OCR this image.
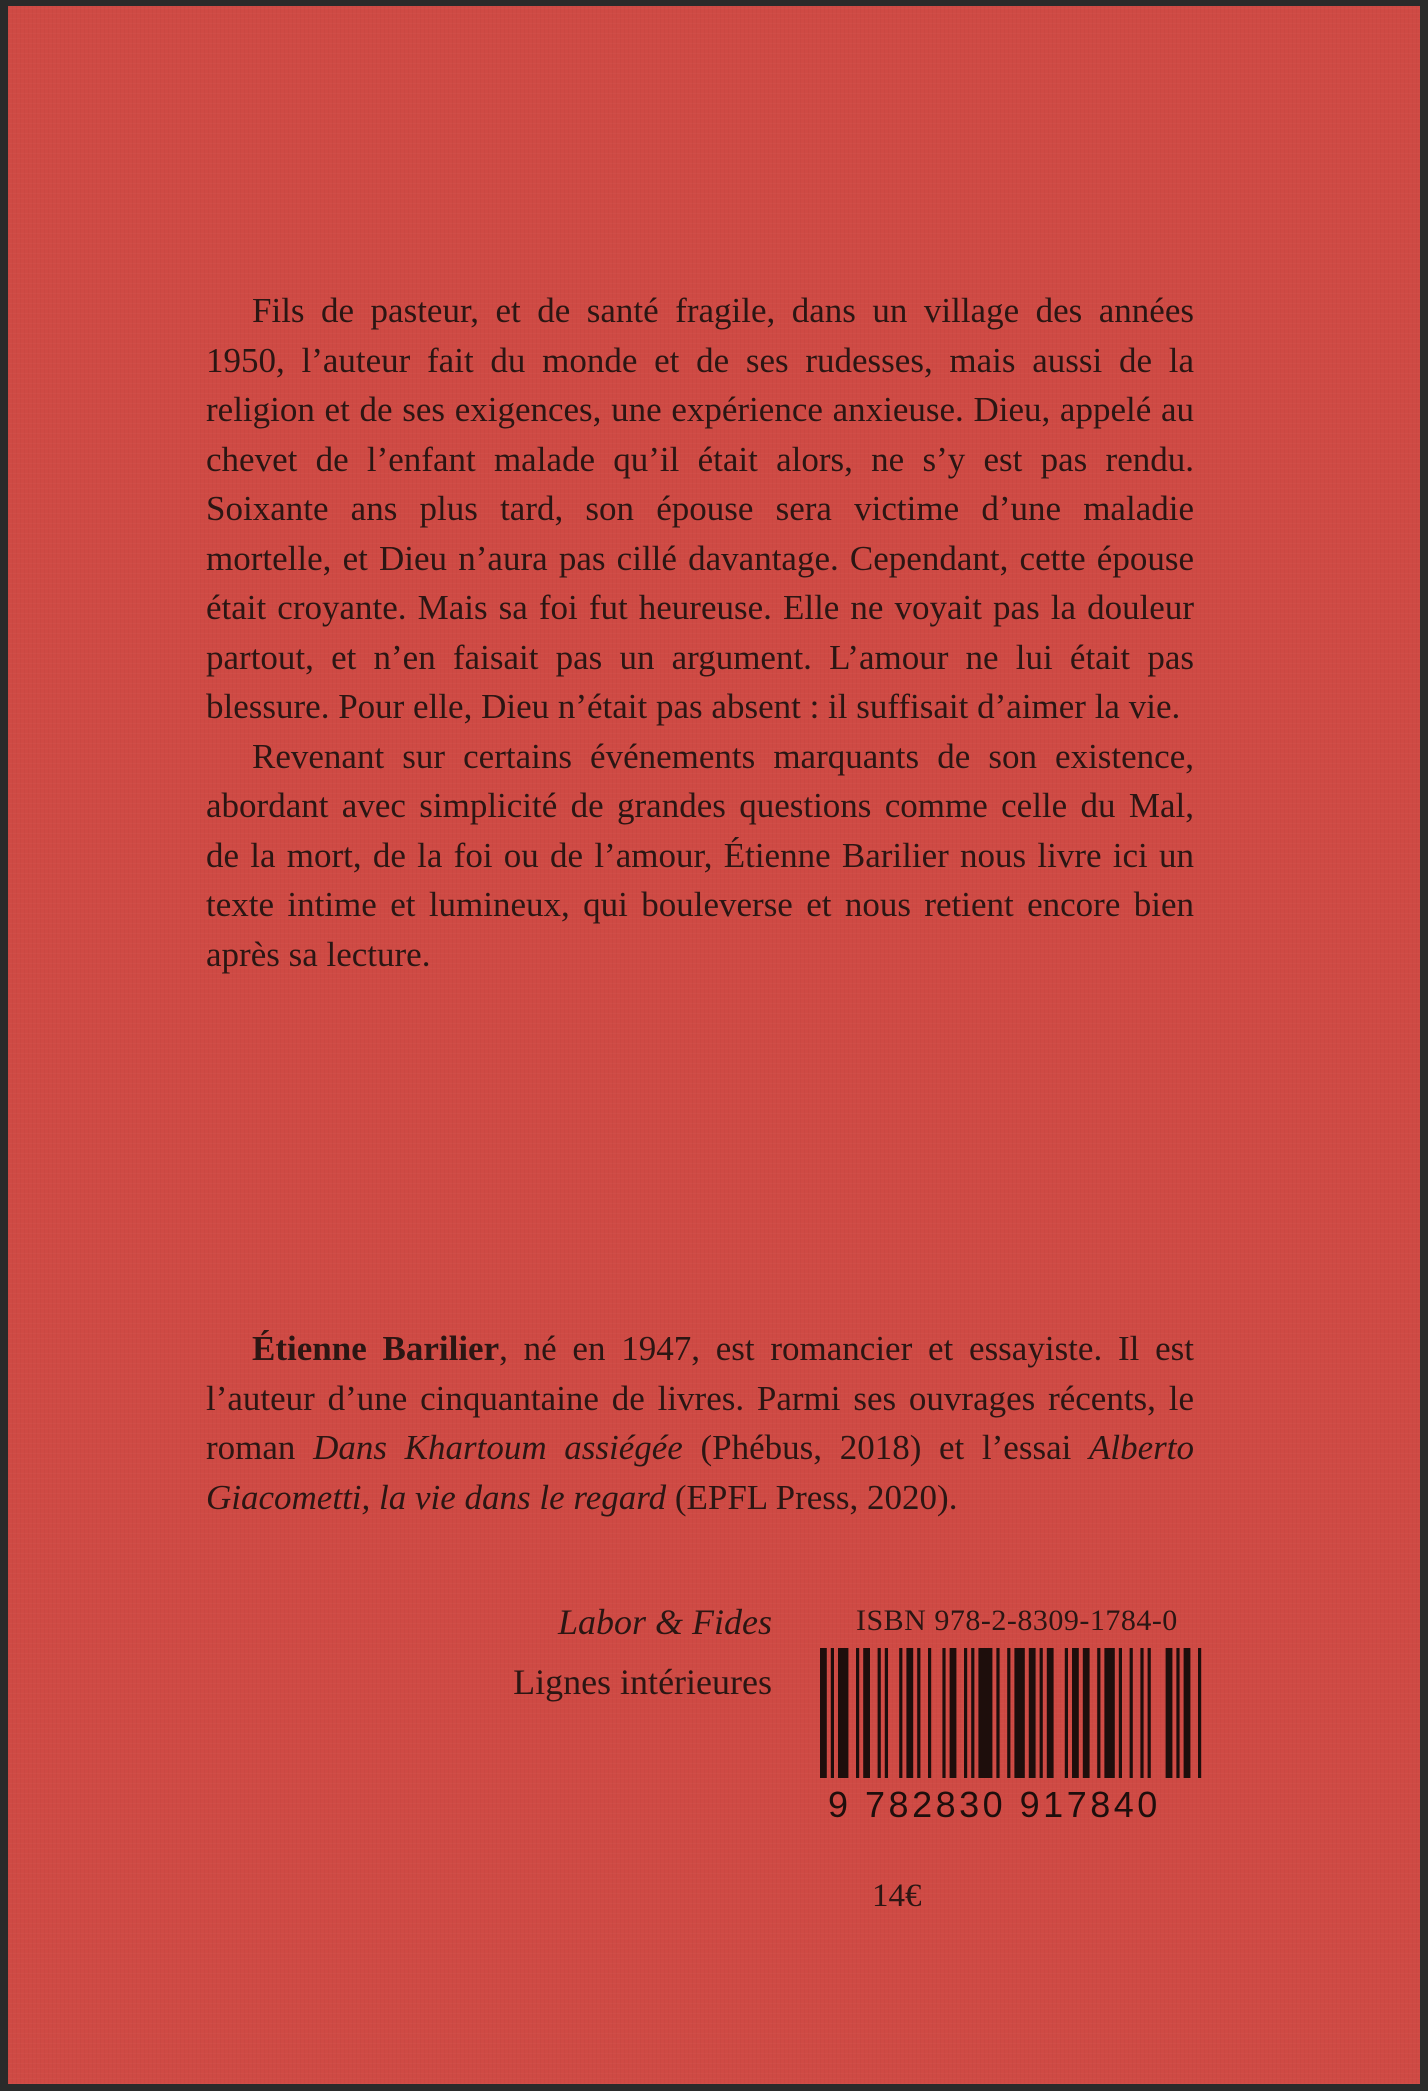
Fils de pasteur, et de santé fragile, dans un village des années 1950, l’auteur fait du monde et de ses rudesses, mais aussi de la religion et de ses exigences, une expérience anxieuse. Dieu, appelé au chevet de l’enfant malade qu’il était alors, ne s’y est pas rendu. Soixante ans plus tard, son épouse sera victime d’une maladie mortelle, et Dieu n’aura pas cillé davantage. Cependant, cette épouse était croyante. Mais sa foi fut heureuse. Elle ne voyait pas la douleur partout, et n’en faisait pas un argument. L’amour ne lui était pas blessure. Pour elle, Dieu n’était pas absent : il suffisait d’aimer la vie.

Revenant sur certains événements marquants de son existence, abordant avec simplicité de grandes questions comme celle du Mal, de la mort, de la foi ou de l’amour, Étienne Barilier nous livre ici un texte intime et lumineux, qui bouleverse et nous retient encore bien après sa lecture.

Étienne Barilier, né en 1947, est romancier et essayiste. Il est l’auteur d’une cinquantaine de livres. Parmi ses ouvrages récents, le roman Dans Khartoum assiégée (Phébus, 2018) et l’essai Alberto Giacometti, la vie dans le regard (EPFL Press, 2020).

Labor & Fides
Lignes intérieures
ISBN 978-2-8309-1784-0
9 782830 917840
14€
